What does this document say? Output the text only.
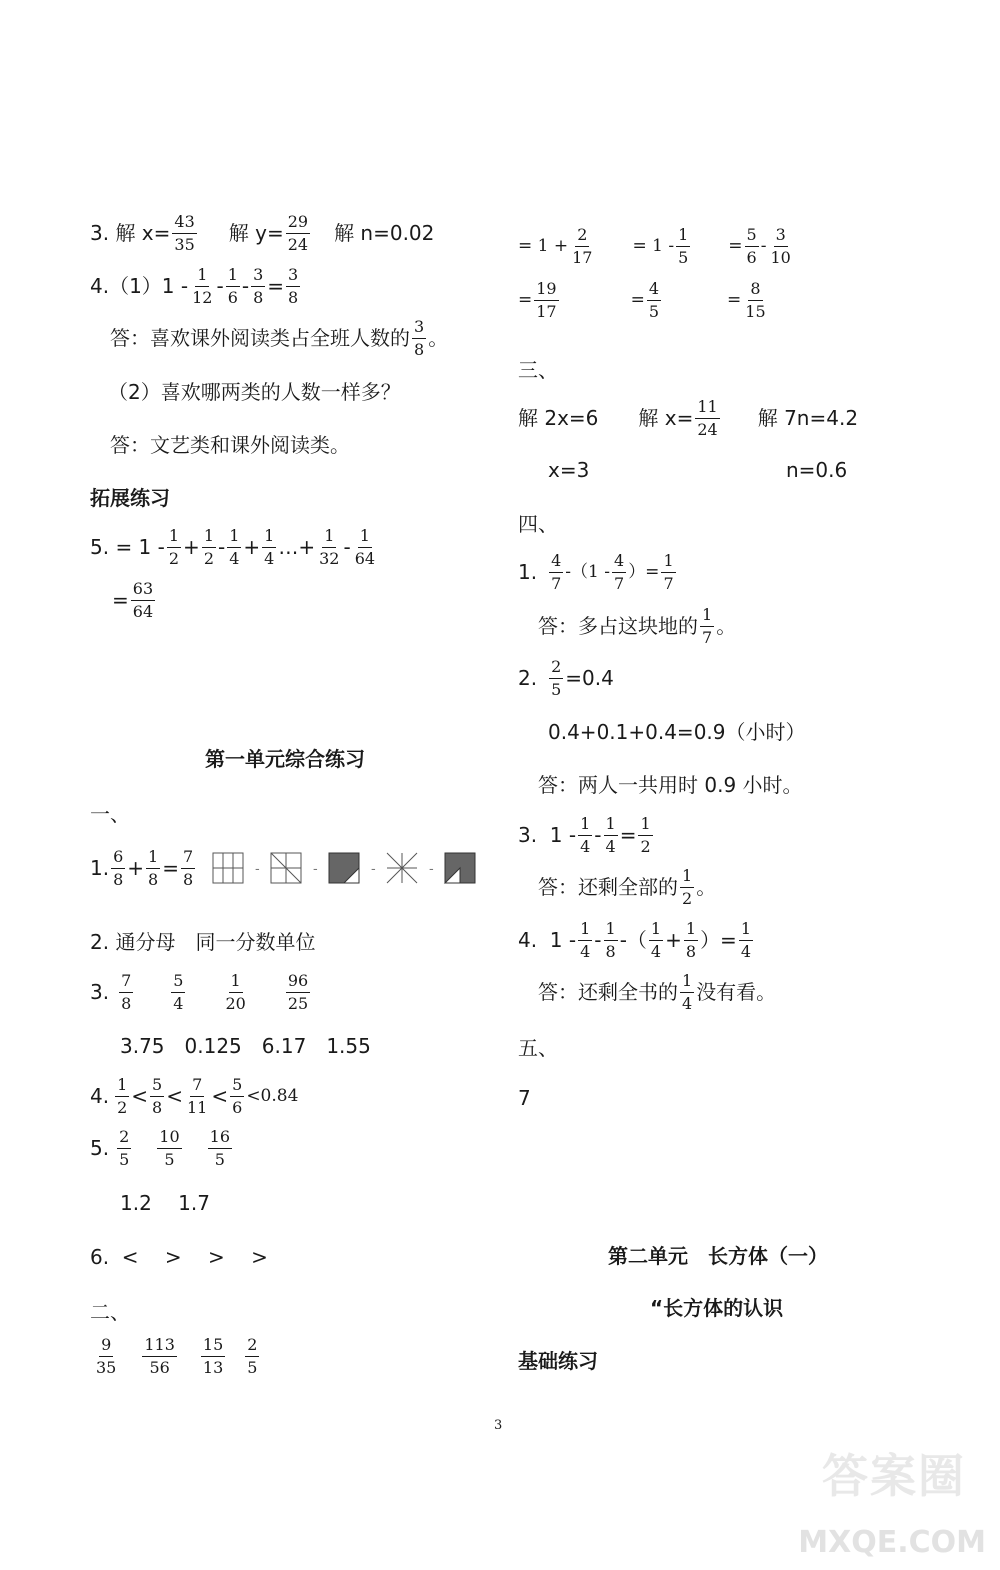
3. 解 $x= \frac{43}{35}$ 解 $y= \frac{29}{24}$ 解 n=0.02
4.（1）1 - 1
12 - 1
$6 - \frac{3}{8} = \frac{3}{8}$
答：喜欢课外阅读类占全班人数的 3
8 。
（2）喜欢哪两类的人数一样多？
答：文艺类和课外阅读类。
拓展练习
5. = 1 - 1
$2 + \frac{1}{2} - 1$
$4 + \frac{1}{4}$ …+ $\frac{1}{32} - 1$
64
= $\frac{63}{64}$
第一单元综合练习
一、
1. 6
$8 + \frac{1}{8} = \frac{7}{8}$	-	-	-	-
2. 通分母　同一分数单位
3. 7
8
5
4
1
20
96
25
3.75　0.125　6.17　1.55
4. 1
2 < 5
8 < 7
11 < 5
6
<0.84
5. 2
5
10
5
16
5
1.2　 1.7
6.  <　 >　 >　 >
二、
9
35
113
56
15
13
2
5
= $1 + \frac{2}{17} = 1$ -
1
5
= $\frac{5}{6}$ -
3
10
= $\frac{19}{17}$	= $\frac{4}{5}$	= $\frac{8}{15}$
三、
解 2x=6 解 $x= \frac{11}{24}$ 解 7n=4.2
x=3	n=0.6
四、
1. 4
7
-（1 -
4
7
）= $\frac{1}{7}$
答：多占这块地的 1
7 。
2. $\frac{2}{5} =0.4$
0.4+0.1+0.4=0.9（小时）
答：两人一共用时 0.9 小时。
3.  1 - 1
$4 - \frac{1}{4} = \frac{1}{2}$
答：还剩全部的 1
2 。
4.  1 - 1
4 - 1
8 -（ 1
$4 + \frac{1}{8}$ ）= $\frac{1}{4}$
答：还剩全书的 1
4 没有看。
五、
7
第二单元　长方体（一）
“长方体的认识
基础练习
3
答案圈
MXQE.COM
